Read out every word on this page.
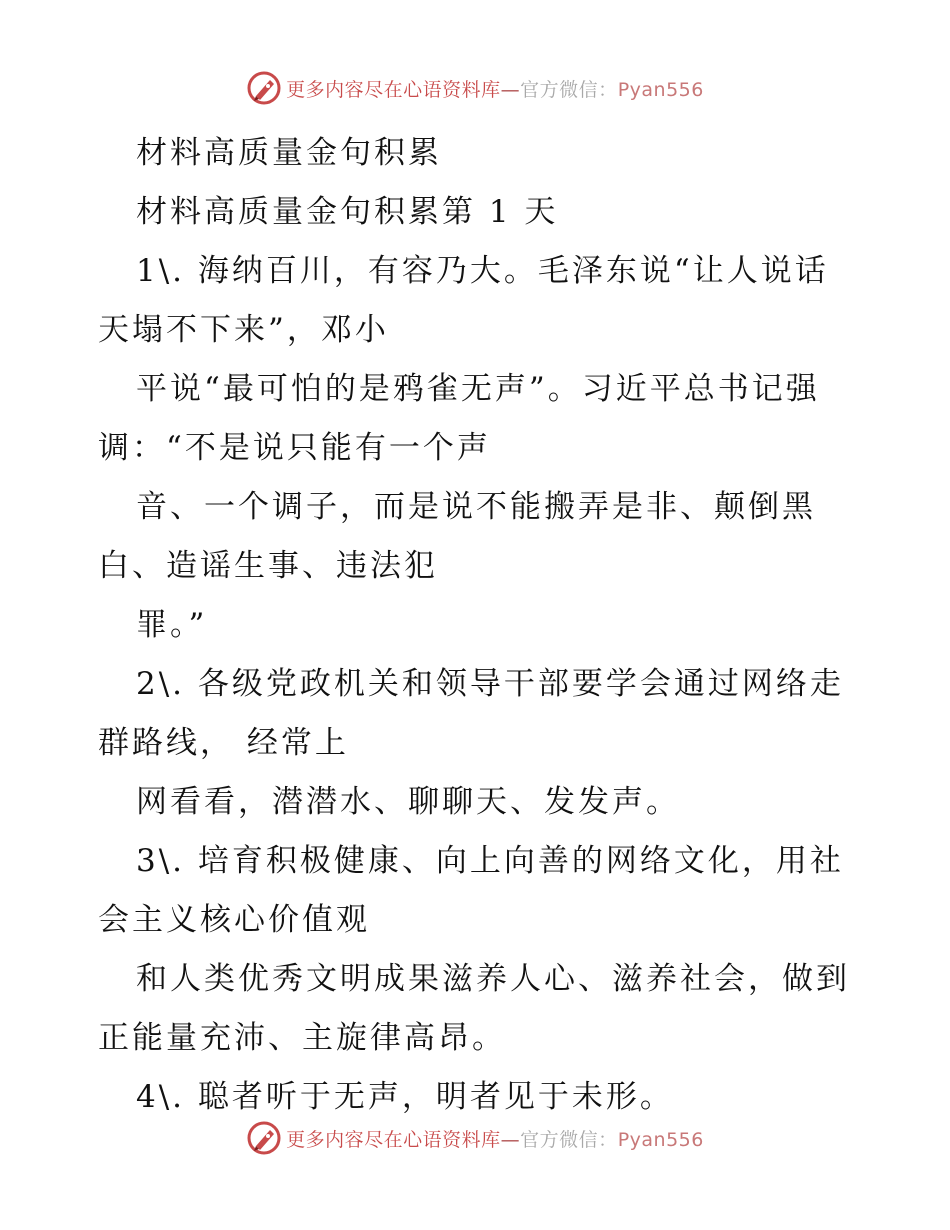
更多内容尽在心语资料库—官方微信：Pyan556
材料高质量金句积累
材料高质量金句积累第 1 天
1\. 海纳百川，有容乃大。毛泽东说“让人说话
天塌不下来”，邓小
平说“最可怕的是鸦雀无声”。习近平总书记强
调：“不是说只能有一个声
音、一个调子，而是说不能搬弄是非、颠倒黑
白、造谣生事、违法犯
罪。”
2\. 各级党政机关和领导干部要学会通过网络走
群路线， 经常上
网看看，潜潜水、聊聊天、发发声。
3\. 培育积极健康、向上向善的网络文化，用社
会主义核心价值观
和人类优秀文明成果滋养人心、滋养社会，做到
正能量充沛、主旋律高昂。
4\. 聪者听于无声，明者见于未形。
更多内容尽在心语资料库—官方微信：Pyan556
